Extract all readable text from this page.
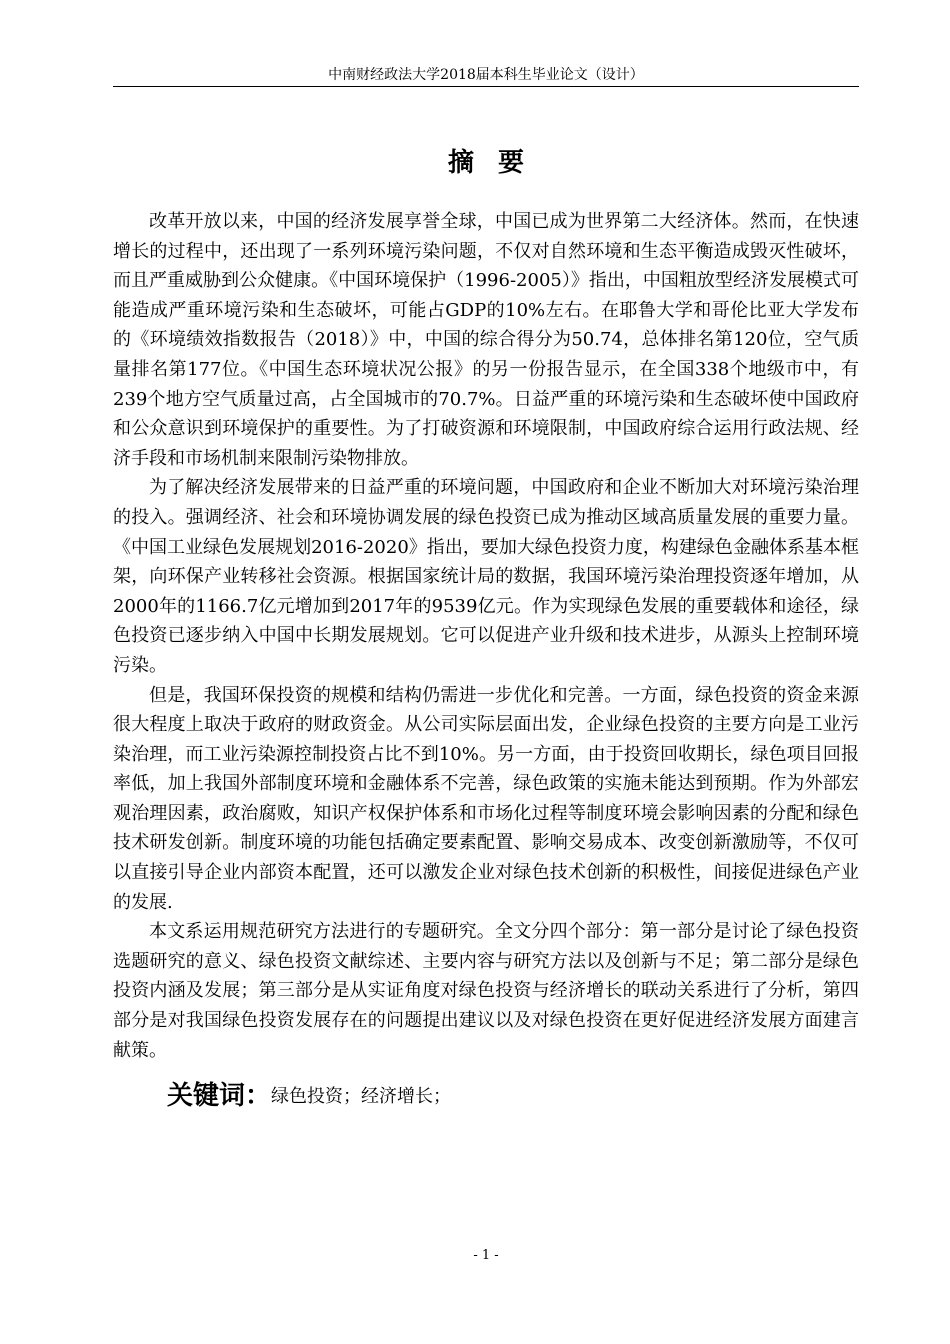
中南财经政法大学2018届本科生毕业论文（设计）
摘要

改革开放以来，中国的经济发展享誉全球，中国已成为世界第二大经济体。然而，在快速增长的过程中，还出现了一系列环境污染问题，不仅对自然环境和生态平衡造成毁灭性破坏，而且严重威胁到公众健康。《中国环境保护（1996-2005）》指出，中国粗放型经济发展模式可能造成严重环境污染和生态破坏，可能占GDP的10%左右。在耶鲁大学和哥伦比亚大学发布的《环境绩效指数报告（2018）》中，中国的综合得分为50.74，总体排名第120位，空气质量排名第177位。《中国生态环境状况公报》的另一份报告显示，在全国338个地级市中，有239个地方空气质量过高，占全国城市的70.7%。日益严重的环境污染和生态破坏使中国政府和公众意识到环境保护的重要性。为了打破资源和环境限制，中国政府综合运用行政法规、经济手段和市场机制来限制污染物排放。

为了解决经济发展带来的日益严重的环境问题，中国政府和企业不断加大对环境污染治理的投入。强调经济、社会和环境协调发展的绿色投资已成为推动区域高质量发展的重要力量。《中国工业绿色发展规划2016-2020》指出，要加大绿色投资力度，构建绿色金融体系基本框架，向环保产业转移社会资源。根据国家统计局的数据，我国环境污染治理投资逐年增加，从2000年的1166.7亿元增加到2017年的9539亿元。作为实现绿色发展的重要载体和途径，绿色投资已逐步纳入中国中长期发展规划。它可以促进产业升级和技术进步，从源头上控制环境污染。

但是，我国环保投资的规模和结构仍需进一步优化和完善。一方面，绿色投资的资金来源很大程度上取决于政府的财政资金。从公司实际层面出发，企业绿色投资的主要方向是工业污染治理，而工业污染源控制投资占比不到10%。另一方面，由于投资回收期长，绿色项目回报率低，加上我国外部制度环境和金融体系不完善，绿色政策的实施未能达到预期。作为外部宏观治理因素，政治腐败，知识产权保护体系和市场化过程等制度环境会影响因素的分配和绿色技术研发创新。制度环境的功能包括确定要素配置、影响交易成本、改变创新激励等，不仅可以直接引导企业内部资本配置，还可以激发企业对绿色技术创新的积极性，间接促进绿色产业的发展.

本文系运用规范研究方法进行的专题研究。全文分四个部分：第一部分是讨论了绿色投资选题研究的意义、绿色投资文献综述、主要内容与研究方法以及创新与不足；第二部分是绿色投资内涵及发展；第三部分是从实证角度对绿色投资与经济增长的联动关系进行了分析，第四部分是对我国绿色投资发展存在的问题提出建议以及对绿色投资在更好促进经济发展方面建言献策。

关键词：绿色投资；经济增长；
- 1 -
